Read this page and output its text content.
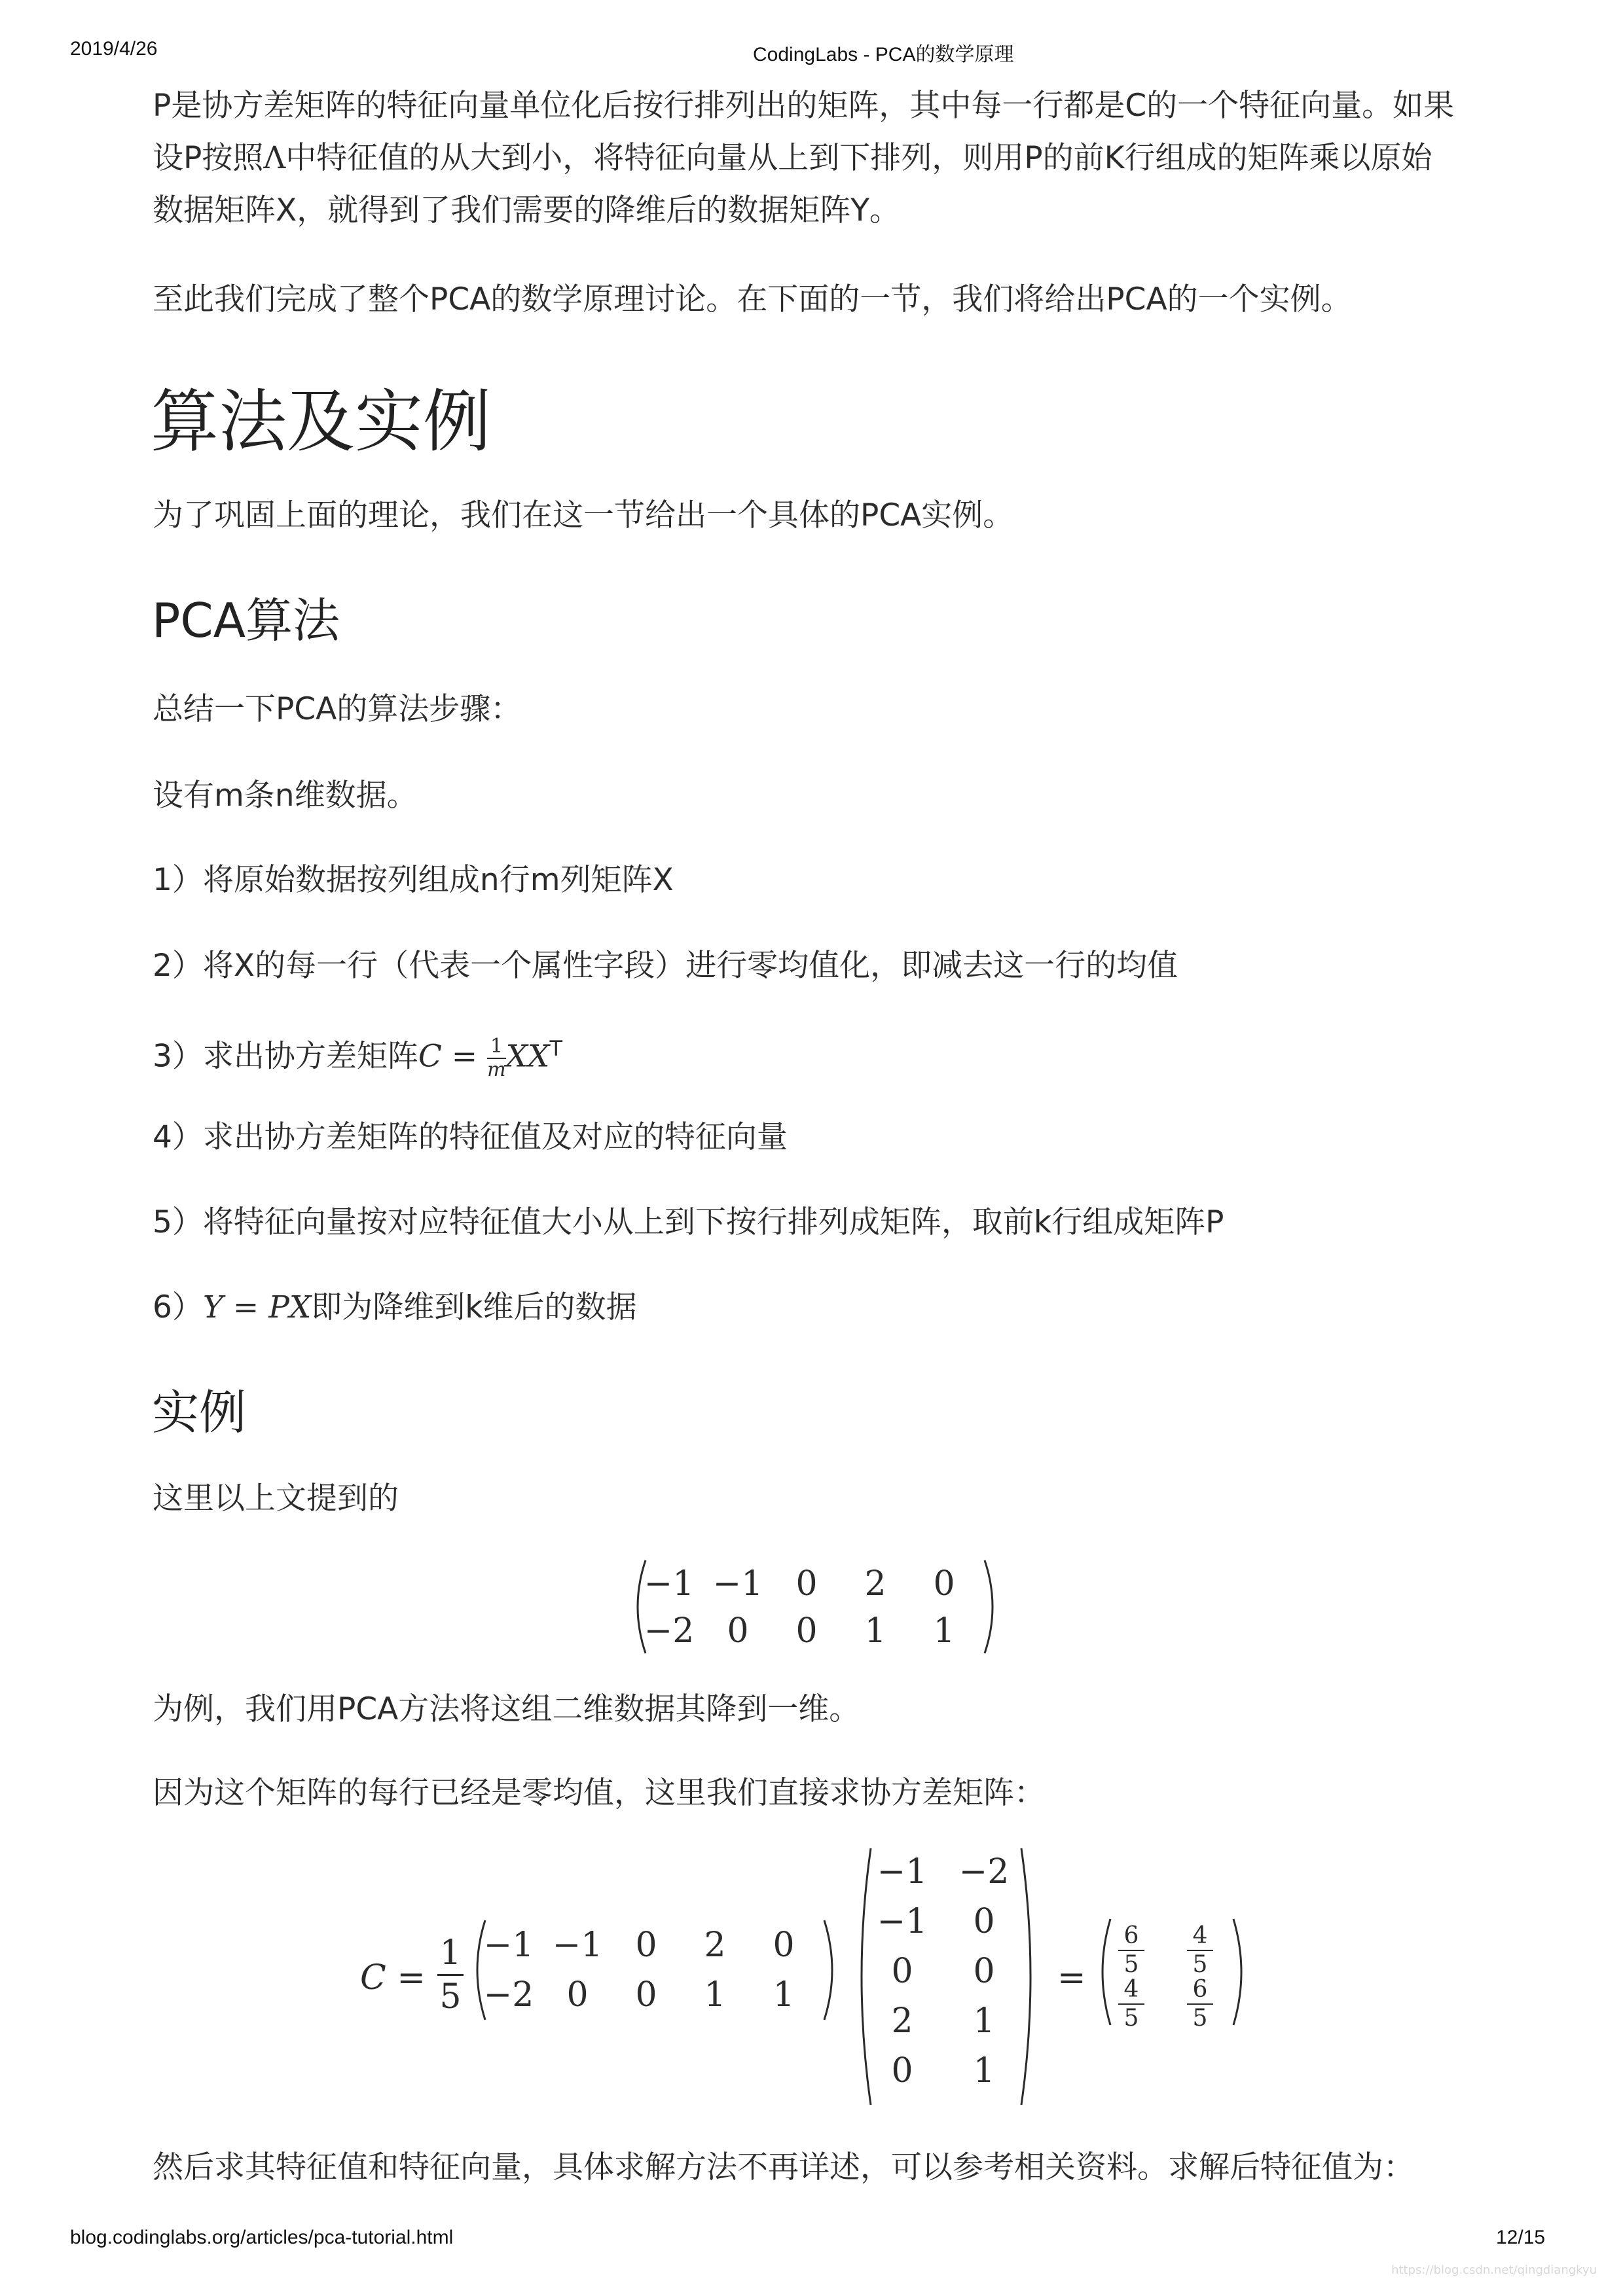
2019/4/26	CodingLabs - PCA的数学原理
blog.codinglabs.org/articles/pca-tutorial.html	12/15
P是协方差矩阵的特征向量单位化后按行排列出的矩阵，其中每一行都是C的一个特征向量。如果
设P按照Λ中特征值的从大到小，将特征向量从上到下排列，则用P的前K行组成的矩阵乘以原始
数据矩阵X，就得到了我们需要的降维后的数据矩阵Y。
至此我们完成了整个PCA的数学原理讨论。在下面的一节，我们将给出PCA的一个实例。
算法及实例
为了巩固上面的理论，我们在这一节给出一个具体的PCA实例。
PCA算法
总结一下PCA的算法步骤：
设有m条n维数据。
1）将原始数据按列组成n行m列矩阵X
2）将X的每一行（代表一个属性字段）进行零均值化，即减去这一行的均值
3）求出协方差矩阵$C = \frac{1}{m} XX^T$
4）求出协方差矩阵的特征值及对应的特征向量
5）将特征向量按对应特征值大小从上到下按行排列成矩阵，取前k行组成矩阵P
6）Y = PX即为降维到k维后的数据
实例
这里以上文提到的
−1 −1 0	2	0
−2 0	0	1	1
为例，我们用PCA方法将这组二维数据其降到一维。
因为这个矩阵的每行已经是零均值，这里我们直接求协方差矩阵：
$C = \frac{1}{5} -1 -1$ 0	2	0
−2 0	0	1	1
−1 −2
−1	0
0	0
2	1
0	1
=
$\frac{6}{5} \frac{4}{5}$
$\frac{4}{5} \frac{6}{5}$
然后求其特征值和特征向量，具体求解方法不再详述，可以参考相关资料。求解后特征值为：
https://blog.csdn.net/qingdiangkyu
